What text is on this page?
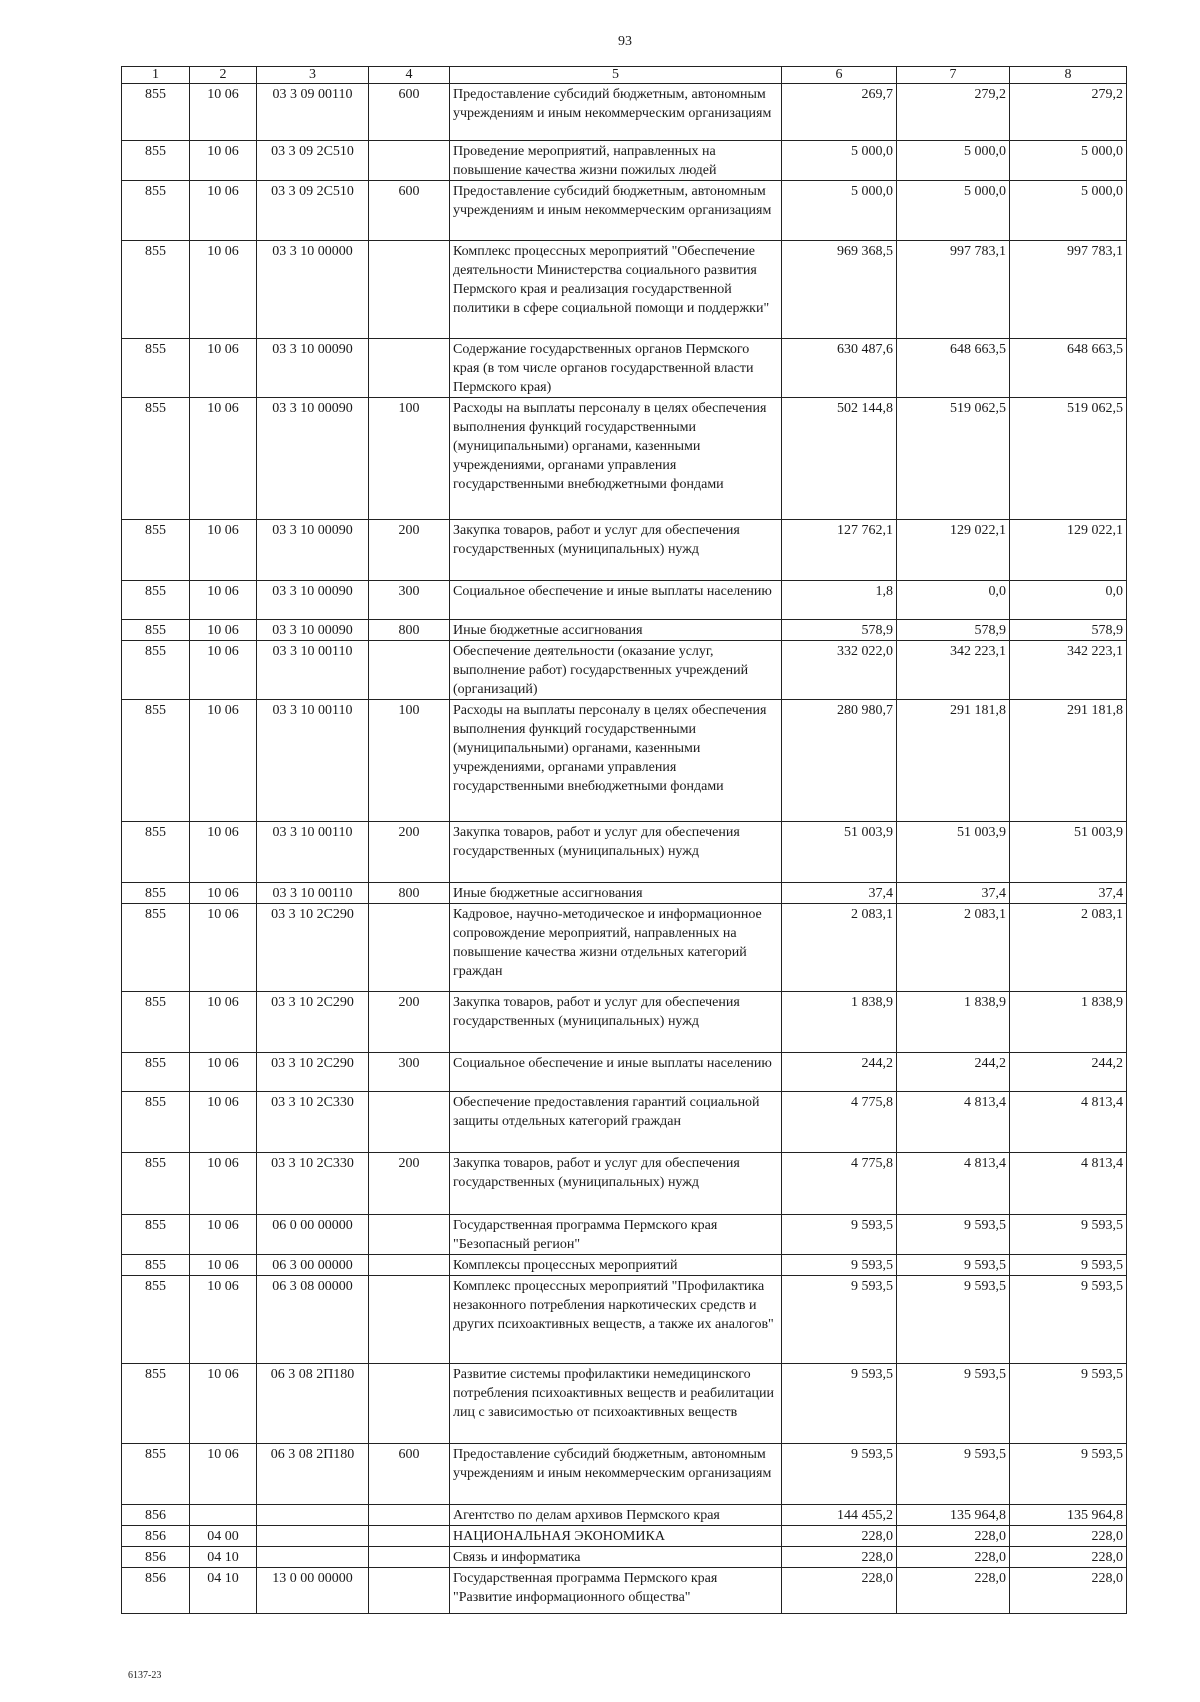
93
1	2	3	4	5	6	7	8
855	10 06	03 3 09 00110	600	Предоставление субсидий бюджетным, автономным учреждениям и иным некоммерческим организациям	269,7	279,2	279,2
855	10 06	03 3 09 2С510		Проведение мероприятий, направленных на повышение качества жизни пожилых людей	5 000,0	5 000,0	5 000,0
855	10 06	03 3 09 2С510	600	Предоставление субсидий бюджетным, автономным учреждениям и иным некоммерческим организациям	5 000,0	5 000,0	5 000,0
855	10 06	03 3 10 00000		Комплекс процессных мероприятий "Обеспечение деятельности Министерства социального развития Пермского края и реализация государственной политики в сфере социальной помощи и поддержки"	969 368,5	997 783,1	997 783,1
855	10 06	03 3 10 00090		Содержание государственных органов Пермского края (в том числе органов государственной власти Пермского края)	630 487,6	648 663,5	648 663,5
855	10 06	03 3 10 00090	100	Расходы на выплаты персоналу в целях обеспечения выполнения функций государственными (муниципальными) органами, казенными учреждениями, органами управления государственными внебюджетными фондами	502 144,8	519 062,5	519 062,5
855	10 06	03 3 10 00090	200	Закупка товаров, работ и услуг для обеспечения государственных (муниципальных) нужд	127 762,1	129 022,1	129 022,1
855	10 06	03 3 10 00090	300	Социальное обеспечение и иные выплаты населению	1,8	0,0	0,0
855	10 06	03 3 10 00090	800	Иные бюджетные ассигнования	578,9	578,9	578,9
855	10 06	03 3 10 00110		Обеспечение деятельности (оказание услуг, выполнение работ) государственных учреждений (организаций)	332 022,0	342 223,1	342 223,1
855	10 06	03 3 10 00110	100	Расходы на выплаты персоналу в целях обеспечения выполнения функций государственными (муниципальными) органами, казенными учреждениями, органами управления государственными внебюджетными фондами	280 980,7	291 181,8	291 181,8
855	10 06	03 3 10 00110	200	Закупка товаров, работ и услуг для обеспечения государственных (муниципальных) нужд	51 003,9	51 003,9	51 003,9
855	10 06	03 3 10 00110	800	Иные бюджетные ассигнования	37,4	37,4	37,4
855	10 06	03 3 10 2С290		Кадровое, научно-методическое и информационное сопровождение мероприятий, направленных на повышение качества жизни отдельных категорий граждан	2 083,1	2 083,1	2 083,1
855	10 06	03 3 10 2С290	200	Закупка товаров, работ и услуг для обеспечения государственных (муниципальных) нужд	1 838,9	1 838,9	1 838,9
855	10 06	03 3 10 2С290	300	Социальное обеспечение и иные выплаты населению	244,2	244,2	244,2
855	10 06	03 3 10 2С330		Обеспечение предоставления гарантий социальной защиты отдельных категорий граждан	4 775,8	4 813,4	4 813,4
855	10 06	03 3 10 2С330	200	Закупка товаров, работ и услуг для обеспечения государственных (муниципальных) нужд	4 775,8	4 813,4	4 813,4
855	10 06	06 0 00 00000		Государственная программа Пермского края "Безопасный регион"	9 593,5	9 593,5	9 593,5
855	10 06	06 3 00 00000		Комплексы процессных мероприятий	9 593,5	9 593,5	9 593,5
855	10 06	06 3 08 00000		Комплекс процессных мероприятий "Профилактика незаконного потребления наркотических средств и других психоактивных веществ, а также их аналогов"	9 593,5	9 593,5	9 593,5
855	10 06	06 3 08 2П180		Развитие системы профилактики немедицинского потребления психоактивных веществ и реабилитации лиц с зависимостью от психоактивных веществ	9 593,5	9 593,5	9 593,5
855	10 06	06 3 08 2П180	600	Предоставление субсидий бюджетным, автономным учреждениям и иным некоммерческим организациям	9 593,5	9 593,5	9 593,5
856				Агентство по делам архивов Пермского края	144 455,2	135 964,8	135 964,8
856	04 00			НАЦИОНАЛЬНАЯ ЭКОНОМИКА	228,0	228,0	228,0
856	04 10			Связь и информатика	228,0	228,0	228,0
856	04 10	13 0 00 00000		Государственная программа Пермского края "Развитие информационного общества"	228,0	228,0	228,0
6137-23
